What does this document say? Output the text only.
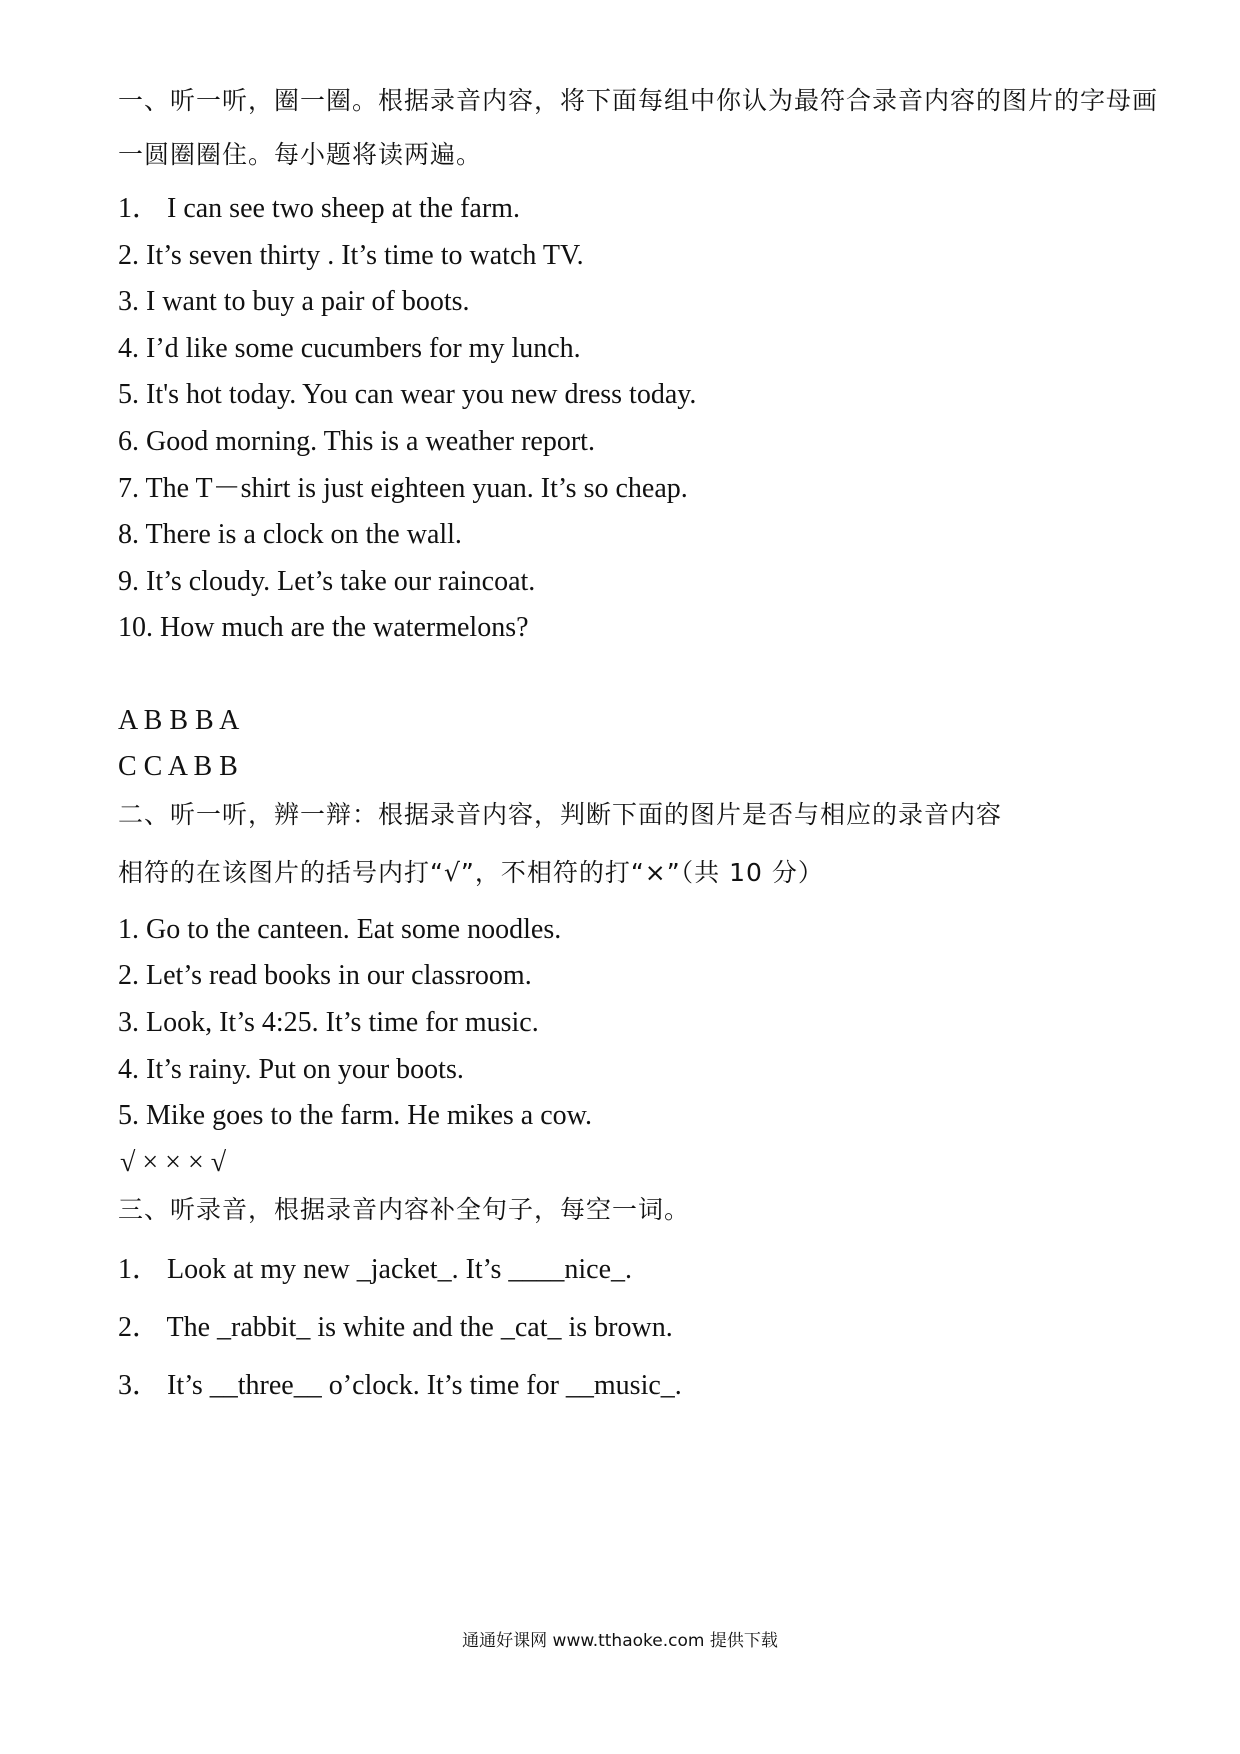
一、听一听，圈一圈。根据录音内容，将下面每组中你认为最符合录音内容的图片的字母画
一圆圈圈住。每小题将读两遍。
1． I can see two sheep at the farm.
2. It’s seven thirty . It’s time to watch TV.
3. I want to buy a pair of boots.
4. I’d like some cucumbers for my lunch.
5. It's hot today. You can wear you new dress today.
6. Good morning. This is a weather report.
7. The T－shirt is just eighteen yuan. It’s so cheap.
8. There is a clock on the wall.
9. It’s cloudy. Let’s take our raincoat.
10. How much are the watermelons?
A B B B A
C C A B B
二、听一听，辨一辩：根据录音内容，判断下面的图片是否与相应的录音内容
相符的在该图片的括号内打“√”，不相符的打“×”（共 10 分）
1. Go to the canteen. Eat some noodles.
2. Let’s read books in our classroom.
3. Look, It’s 4:25. It’s time for music.
4. It’s rainy. Put on your boots.
5. Mike goes to the farm. He mikes a cow.
√ × × × √
三、听录音，根据录音内容补全句子，每空一词。
1． Look at my new _jacket_. It’s ____nice_.
2． The _rabbit_ is white and the _cat_ is brown.
3． It’s __three__ o’clock. It’s time for __music_.
通通好课网 www.tthaoke.com 提供下载
